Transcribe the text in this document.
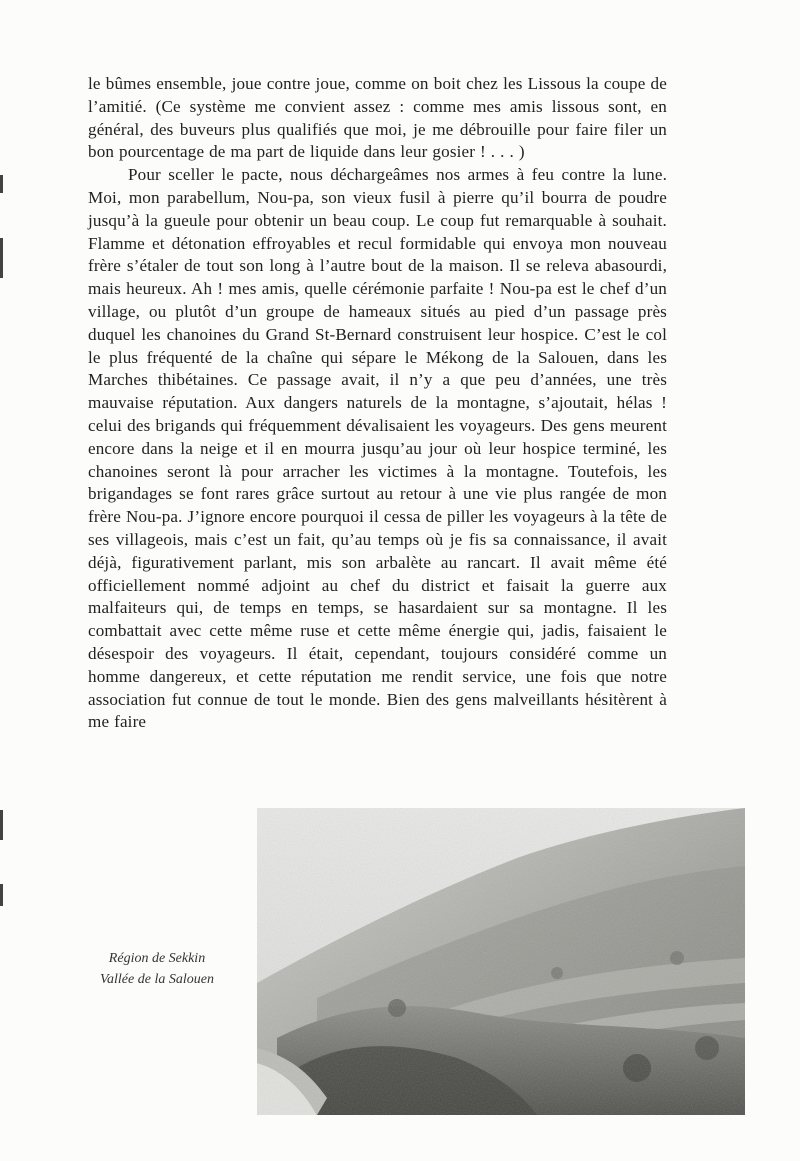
le bûmes ensemble, joue contre joue, comme on boit chez les Lissous la coupe de l’amitié. (Ce système me convient assez : comme mes amis lissous sont, en général, des buveurs plus qualifiés que moi, je me débrouille pour faire filer un bon pourcentage de ma part de liquide dans leur gosier ! . . . )

Pour sceller le pacte, nous déchargeâmes nos armes à feu contre la lune. Moi, mon parabellum, Nou-pa, son vieux fusil à pierre qu’il bourra de poudre jusqu’à la gueule pour obtenir un beau coup. Le coup fut remarquable à souhait. Flamme et détonation effroyables et recul formidable qui envoya mon nouveau frère s’étaler de tout son long à l’autre bout de la maison. Il se releva abasourdi, mais heureux. Ah ! mes amis, quelle cérémonie parfaite ! Nou-pa est le chef d’un village, ou plutôt d’un groupe de hameaux situés au pied d’un passage près duquel les chanoines du Grand St-Bernard construisent leur hospice. C’est le col le plus fréquenté de la chaîne qui sépare le Mékong de la Salouen, dans les Marches thibétaines. Ce passage avait, il n’y a que peu d’années, une très mauvaise réputation. Aux dangers naturels de la montagne, s’ajoutait, hélas ! celui des brigands qui fréquemment dévalisaient les voyageurs. Des gens meurent encore dans la neige et il en mourra jusqu’au jour où leur hospice terminé, les chanoines seront là pour arracher les victimes à la montagne. Toutefois, les brigandages se font rares grâce surtout au retour à une vie plus rangée de mon frère Nou-pa. J’ignore encore pourquoi il cessa de piller les voyageurs à la tête de ses villageois, mais c’est un fait, qu’au temps où je fis sa connaissance, il avait déjà, figurativement parlant, mis son arbalète au rancart. Il avait même été officiellement nommé adjoint au chef du district et faisait la guerre aux malfaiteurs qui, de temps en temps, se hasardaient sur sa montagne. Il les combattait avec cette même ruse et cette même énergie qui, jadis, faisaient le désespoir des voyageurs. Il était, cependant, toujours considéré comme un homme dangereux, et cette réputation me rendit service, une fois que notre association fut connue de tout le monde. Bien des gens malveillants hésitèrent à me faire

Région de Sekkin
Vallée de la Salouen
